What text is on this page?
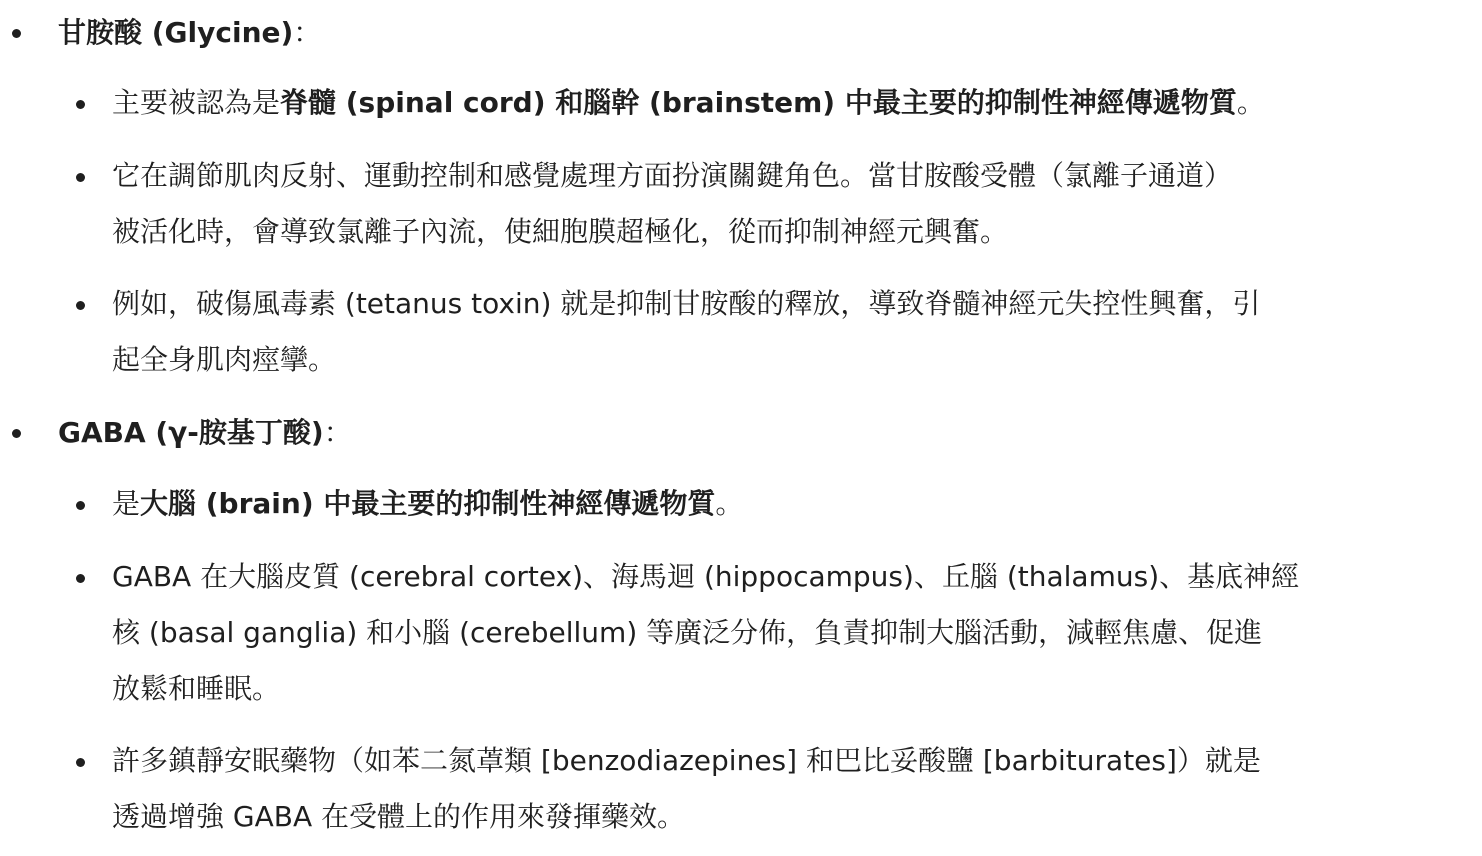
甘胺酸 (Glycine)：
主要被認為是脊髓 (spinal cord) 和腦幹 (brainstem) 中最主要的抑制性神經傳遞物質。
它在調節肌肉反射、運動控制和感覺處理方面扮演關鍵角色。當甘胺酸受體（氯離子通道）
被活化時，會導致氯離子內流，使細胞膜超極化，從而抑制神經元興奮。
例如，破傷風毒素 (tetanus toxin) 就是抑制甘胺酸的釋放，導致脊髓神經元失控性興奮，引
起全身肌肉痙攣。
GABA (γ-胺基丁酸)：
是大腦 (brain) 中最主要的抑制性神經傳遞物質。
GABA 在大腦皮質 (cerebral cortex)、海馬迴 (hippocampus)、丘腦 (thalamus)、基底神經
核 (basal ganglia) 和小腦 (cerebellum) 等廣泛分佈，負責抑制大腦活動，減輕焦慮、促進
放鬆和睡眠。
許多鎮靜安眠藥物（如苯二氮䓬類 [benzodiazepines] 和巴比妥酸鹽 [barbiturates]）就是
透過增強 GABA 在受體上的作用來發揮藥效。
